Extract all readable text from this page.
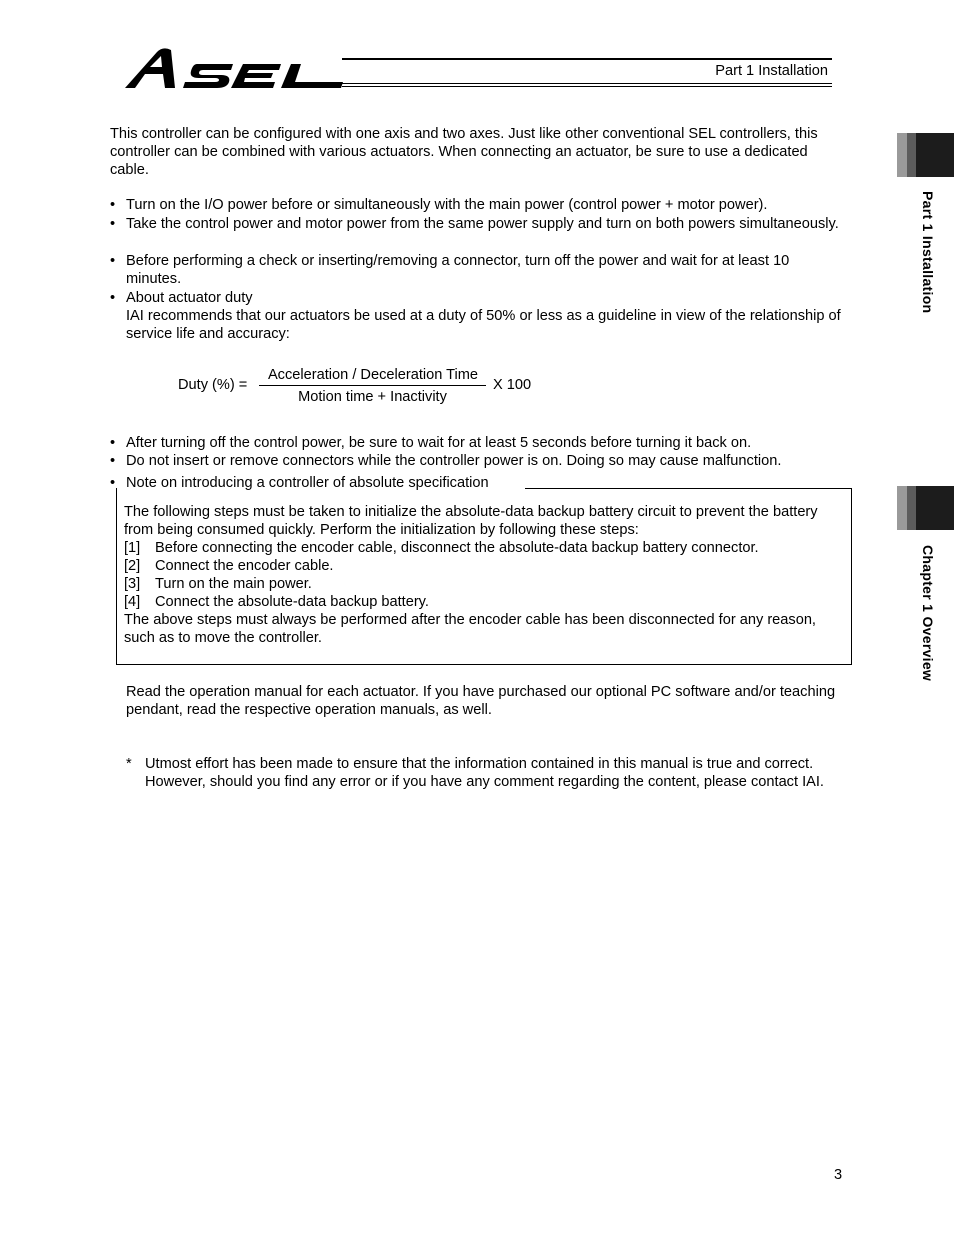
Part 1 Installation
Part 1 Installation
Chapter 1 Overview

This controller can be configured with one axis and two axes. Just like other conventional SEL controllers, this controller can be combined with various actuators. When connecting an actuator, be sure to use a dedicated cable.

• Turn on the I/O power before or simultaneously with the main power (control power + motor power).
• Take the control power and motor power from the same power supply and turn on both powers simultaneously.
• Before performing a check or inserting/removing a connector, turn off the power and wait for at least 10 minutes.
• About actuator duty
IAI recommends that our actuators be used at a duty of 50% or less as a guideline in view of the relationship of service life and accuracy:
Duty (%) =
Acceleration / Deceleration Time
Motion time + Inactivity
X 100
• After turning off the control power, be sure to wait for at least 5 seconds before turning it back on.
• Do not insert or remove connectors while the controller power is on. Doing so may cause malfunction.
• Note on introducing a controller of absolute specification
The following steps must be taken to initialize the absolute-data backup battery circuit to prevent the battery from being consumed quickly. Perform the initialization by following these steps:
[1] Before connecting the encoder cable, disconnect the absolute-data backup battery connector.
[2] Connect the encoder cable.
[3] Turn on the main power.
[4] Connect the absolute-data backup battery.
The above steps must always be performed after the encoder cable has been disconnected for any reason, such as to move the controller.

Read the operation manual for each actuator. If you have purchased our optional PC software and/or teaching pendant, read the respective operation manuals, as well.

* Utmost effort has been made to ensure that the information contained in this manual is true and correct. However, should you find any error or if you have any comment regarding the content, please contact IAI.

3
